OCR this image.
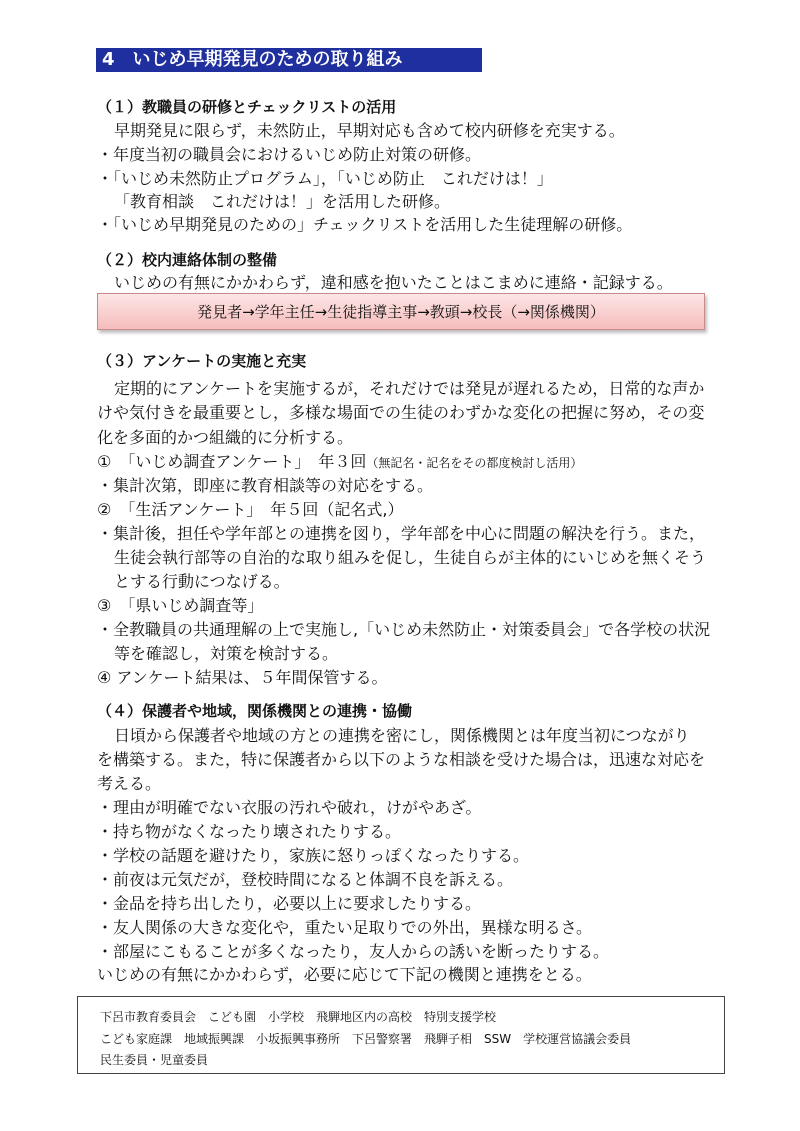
4　いじめ早期発見のための取り組み
（１）教職員の研修とチェックリストの活用
早期発見に限らず，未然防止，早期対応も含めて校内研修を充実する。
・年度当初の職員会におけるいじめ防止対策の研修。
・「いじめ未然防止プログラム」，「いじめ防止　これだけは！」
「教育相談　これだけは！」を活用した研修。
・「いじめ早期発見のための」チェックリストを活用した生徒理解の研修。
（２）校内連絡体制の整備
いじめの有無にかかわらず，違和感を抱いたことはこまめに連絡・記録する。
発見者→学年主任→生徒指導主事→教頭→校長（→関係機関）
（３）アンケートの実施と充実
定期的にアンケートを実施するが，それだけでは発見が遅れるため，日常的な声か
けや気付きを最重要とし，多様な場面での生徒のわずかな変化の把握に努め，その変
化を多面的かつ組織的に分析する。
①　「いじめ調査アンケート」　年３回（無記名・記名をその都度検討し活用）
・集計次第，即座に教育相談等の対応をする。
②　「生活アンケート」　年５回（記名式,）
・集計後，担任や学年部との連携を図り，学年部を中心に問題の解決を行う。また，
生徒会執行部等の自治的な取り組みを促し，生徒自らが主体的にいじめを無くそう
とする行動につなげる。
③　「県いじめ調査等」
・全教職員の共通理解の上で実施し,「いじめ未然防止・対策委員会」で各学校の状況
等を確認し，対策を検討する。
④ アンケート結果は、５年間保管する。
（４）保護者や地域，関係機関との連携・協働
日頃から保護者や地域の方との連携を密にし，関係機関とは年度当初につながり
を構築する。また，特に保護者から以下のような相談を受けた場合は，迅速な対応を
考える。
・理由が明確でない衣服の汚れや破れ，けがやあざ。
・持ち物がなくなったり壊されたりする。
・学校の話題を避けたり，家族に怒りっぽくなったりする。
・前夜は元気だが，登校時間になると体調不良を訴える。
・金品を持ち出したり，必要以上に要求したりする。
・友人関係の大きな変化や，重たい足取りでの外出，異様な明るさ。
・部屋にこもることが多くなったり，友人からの誘いを断ったりする。
いじめの有無にかかわらず，必要に応じて下記の機関と連携をとる。
下呂市教育委員会　こども園　小学校　飛騨地区内の高校　特別支援学校
こども家庭課　地域振興課　小坂振興事務所　下呂警察署　飛騨子相　SSW　学校運営協議会委員
民生委員・児童委員
